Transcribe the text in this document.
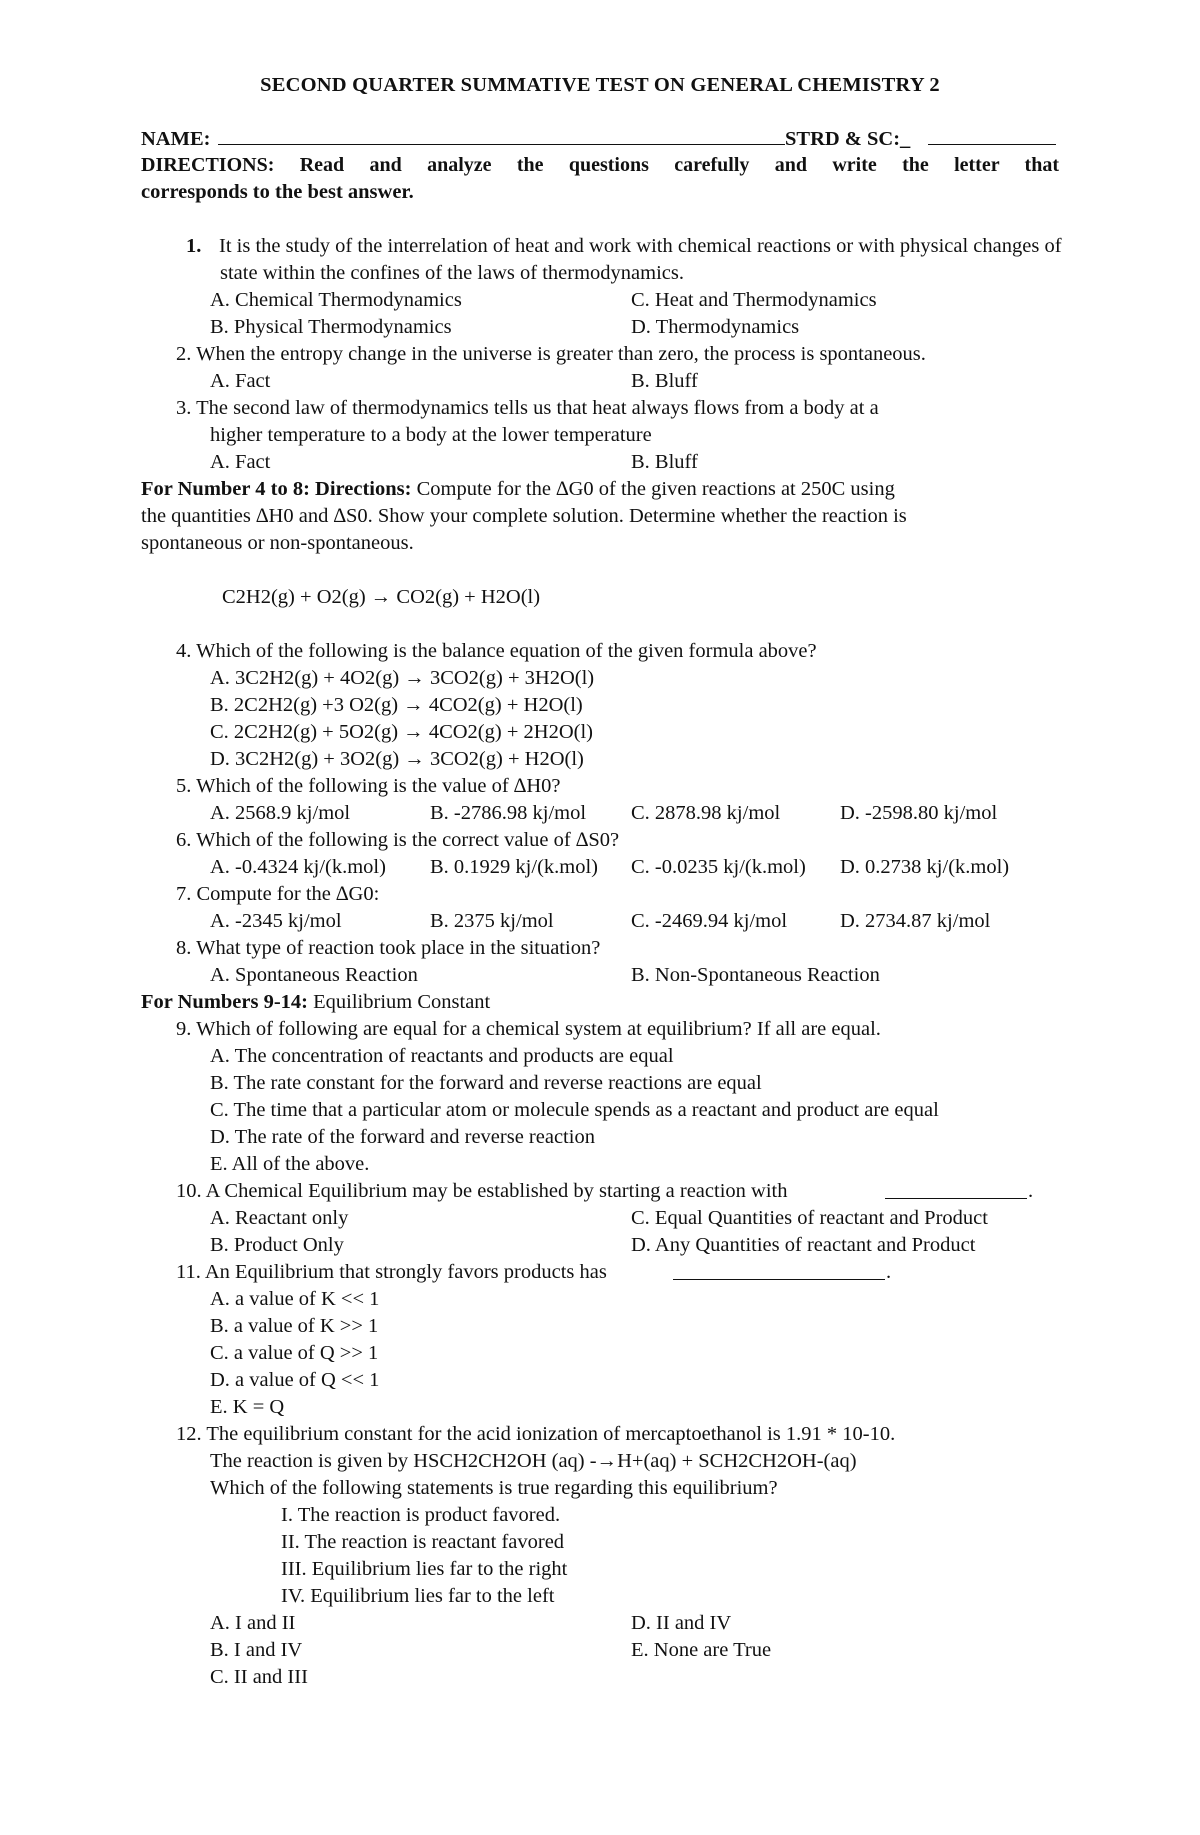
SECOND QUARTER SUMMATIVE TEST ON GENERAL CHEMISTRY 2
NAME:	STRD & SC:_
DIRECTIONS: Read and analyze the questions carefully and write the letter that
corresponds to the best answer.
1. It is the study of the interrelation of heat and work with chemical reactions or with physical changes of
state within the confines of the laws of thermodynamics.
A. Chemical Thermodynamics	C. Heat and Thermodynamics
B. Physical Thermodynamics	D. Thermodynamics
2. When the entropy change in the universe is greater than zero, the process is spontaneous.
A. Fact	B. Bluff
3. The second law of thermodynamics tells us that heat always flows from a body at a
higher temperature to a body at the lower temperature
A. Fact	B. Bluff
For Number 4 to 8: Directions: Compute for the ∆G0 of the given reactions at 250C using
the quantities ∆H0 and ∆S0. Show your complete solution. Determine whether the reaction is
spontaneous or non-spontaneous.
C2H2(g) + O2(g) → CO2(g) + H2O(l)
4. Which of the following is the balance equation of the given formula above?
A. 3C2H2(g) + 4O2(g) → 3CO2(g) + 3H2O(l)
B. 2C2H2(g) +3 O2(g) → 4CO2(g) + H2O(l)
C. 2C2H2(g) + 5O2(g) → 4CO2(g) + 2H2O(l)
D. 3C2H2(g) + 3O2(g) → 3CO2(g) + H2O(l)
5. Which of the following is the value of ∆H0?
A. 2568.9 kj/mol	B. -2786.98 kj/mol C. 2878.98 kj/mol	D. -2598.80 kj/mol
6. Which of the following is the correct value of ∆S0?
A. -0.4324 kj/(k.mol) B. 0.1929 kj/(k.mol) C. -0.0235 kj/(k.mol) D. 0.2738 kj/(k.mol)
7. Compute for the ∆G0:
A. -2345 kj/mol	B. 2375 kj/mol	C. -2469.94 kj/mol	D. 2734.87 kj/mol
8. What type of reaction took place in the situation?
A. Spontaneous Reaction	B. Non-Spontaneous Reaction
For Numbers 9-14: Equilibrium Constant
9. Which of following are equal for a chemical system at equilibrium? If all are equal.
A. The concentration of reactants and products are equal
B. The rate constant for the forward and reverse reactions are equal
C. The time that a particular atom or molecule spends as a reactant and product are equal
D. The rate of the forward and reverse reaction
E. All of the above.
10. A Chemical Equilibrium may be established by starting a reaction with	.
A. Reactant only	C. Equal Quantities of reactant and Product
B. Product Only	D. Any Quantities of reactant and Product
11. An Equilibrium that strongly favors products has	.
A. a value of K << 1
B. a value of K >> 1
C. a value of Q >> 1
D. a value of Q << 1
E. K = Q
12. The equilibrium constant for the acid ionization of mercaptoethanol is 1.91 * 10-10.
The reaction is given by HSCH2CH2OH (aq) -→H+(aq) + SCH2CH2OH-(aq)
Which of the following statements is true regarding this equilibrium?
I. The reaction is product favored.
II. The reaction is reactant favored
III. Equilibrium lies far to the right
IV. Equilibrium lies far to the left
A. I and II	D. II and IV
B. I and IV	E. None are True
C. II and III
